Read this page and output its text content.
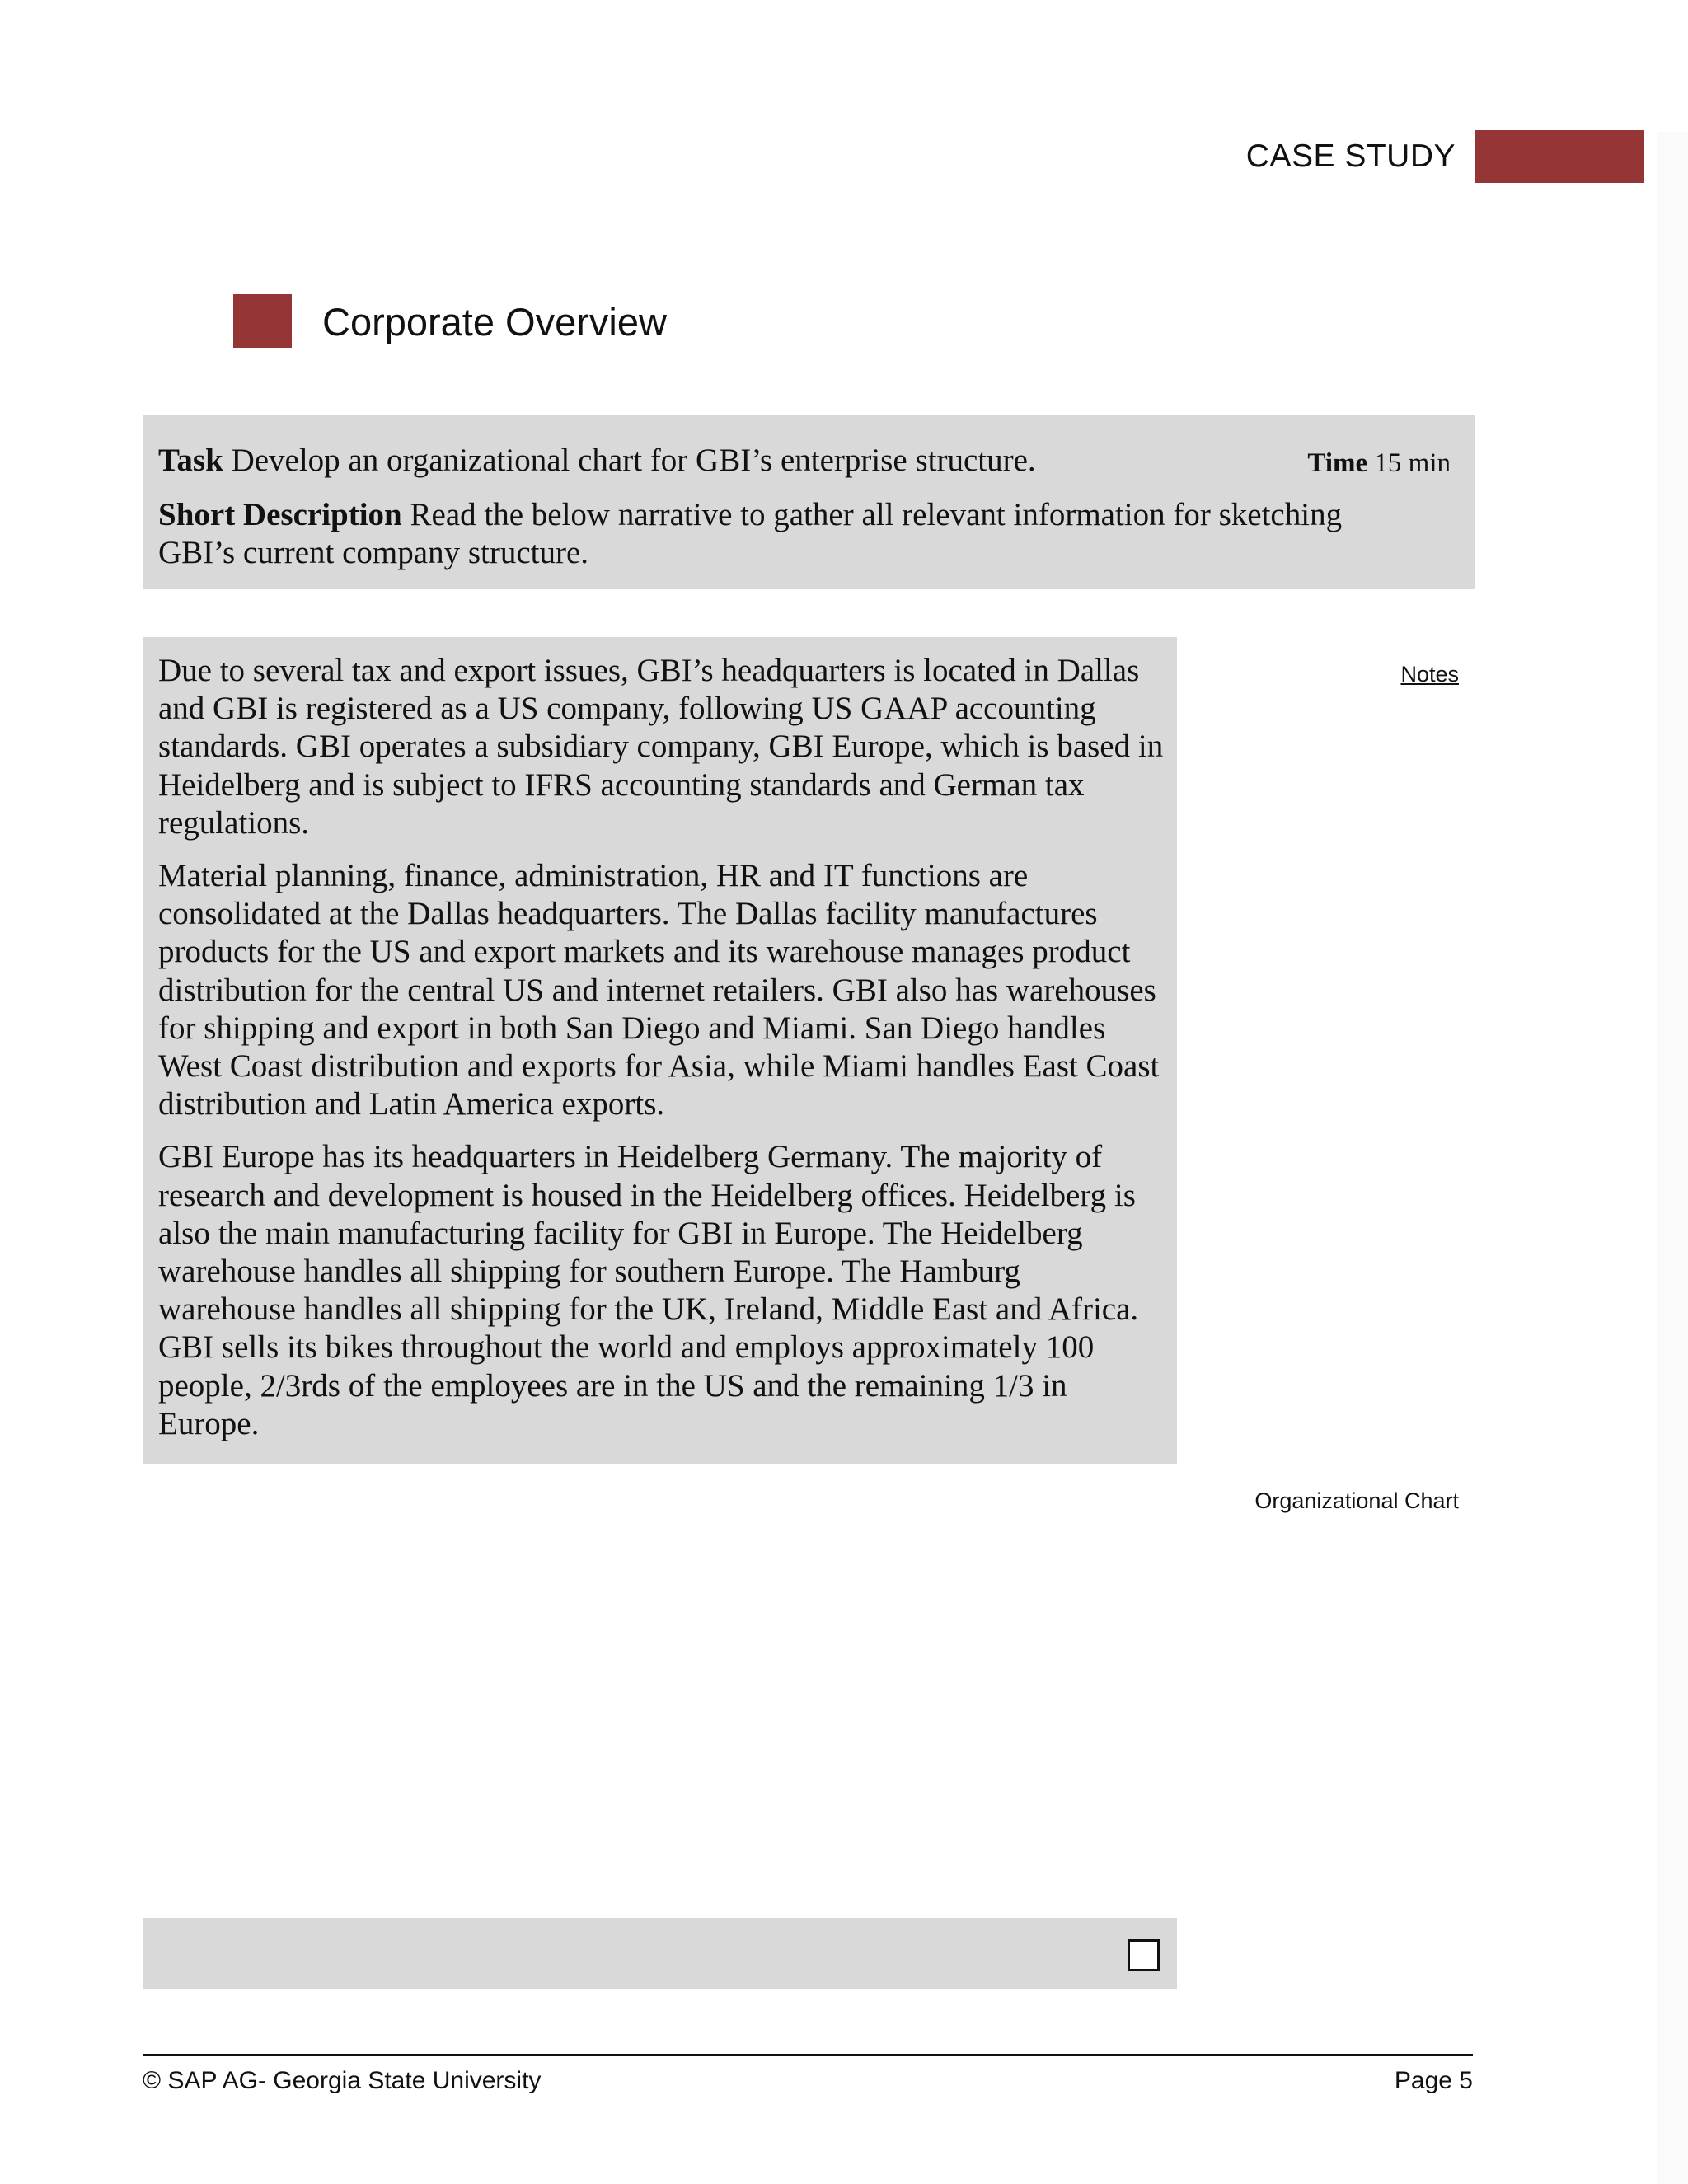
CASE STUDY
Corporate Overview
Task Develop an organizational chart for GBI’s enterprise structure.	Time 15 min
Short Description Read the below narrative to gather all relevant information for sketching GBI’s current company structure.

Due to several tax and export issues, GBI’s headquarters is located in Dallas and GBI is registered as a US company, following US GAAP accounting standards. GBI operates a subsidiary company, GBI Europe, which is based in Heidelberg and is subject to IFRS accounting standards and German tax regulations.

Material planning, finance, administration, HR and IT functions are consolidated at the Dallas headquarters. The Dallas facility manufactures products for the US and export markets and its warehouse manages product distribution for the central US and internet retailers. GBI also has warehouses for shipping and export in both San Diego and Miami. San Diego handles West Coast distribution and exports for Asia, while Miami handles East Coast distribution and Latin America exports.

GBI Europe has its headquarters in Heidelberg Germany. The majority of research and development is housed in the Heidelberg offices. Heidelberg is also the main manufacturing facility for GBI in Europe. The Heidelberg warehouse handles all shipping for southern Europe. The Hamburg warehouse handles all shipping for the UK, Ireland, Middle East and Africa. GBI sells its bikes throughout the world and employs approximately 100 people, 2/3rds of the employees are in the US and the remaining 1/3 in Europe.

Notes
Organizational Chart
© SAP AG- Georgia State University	Page 5
